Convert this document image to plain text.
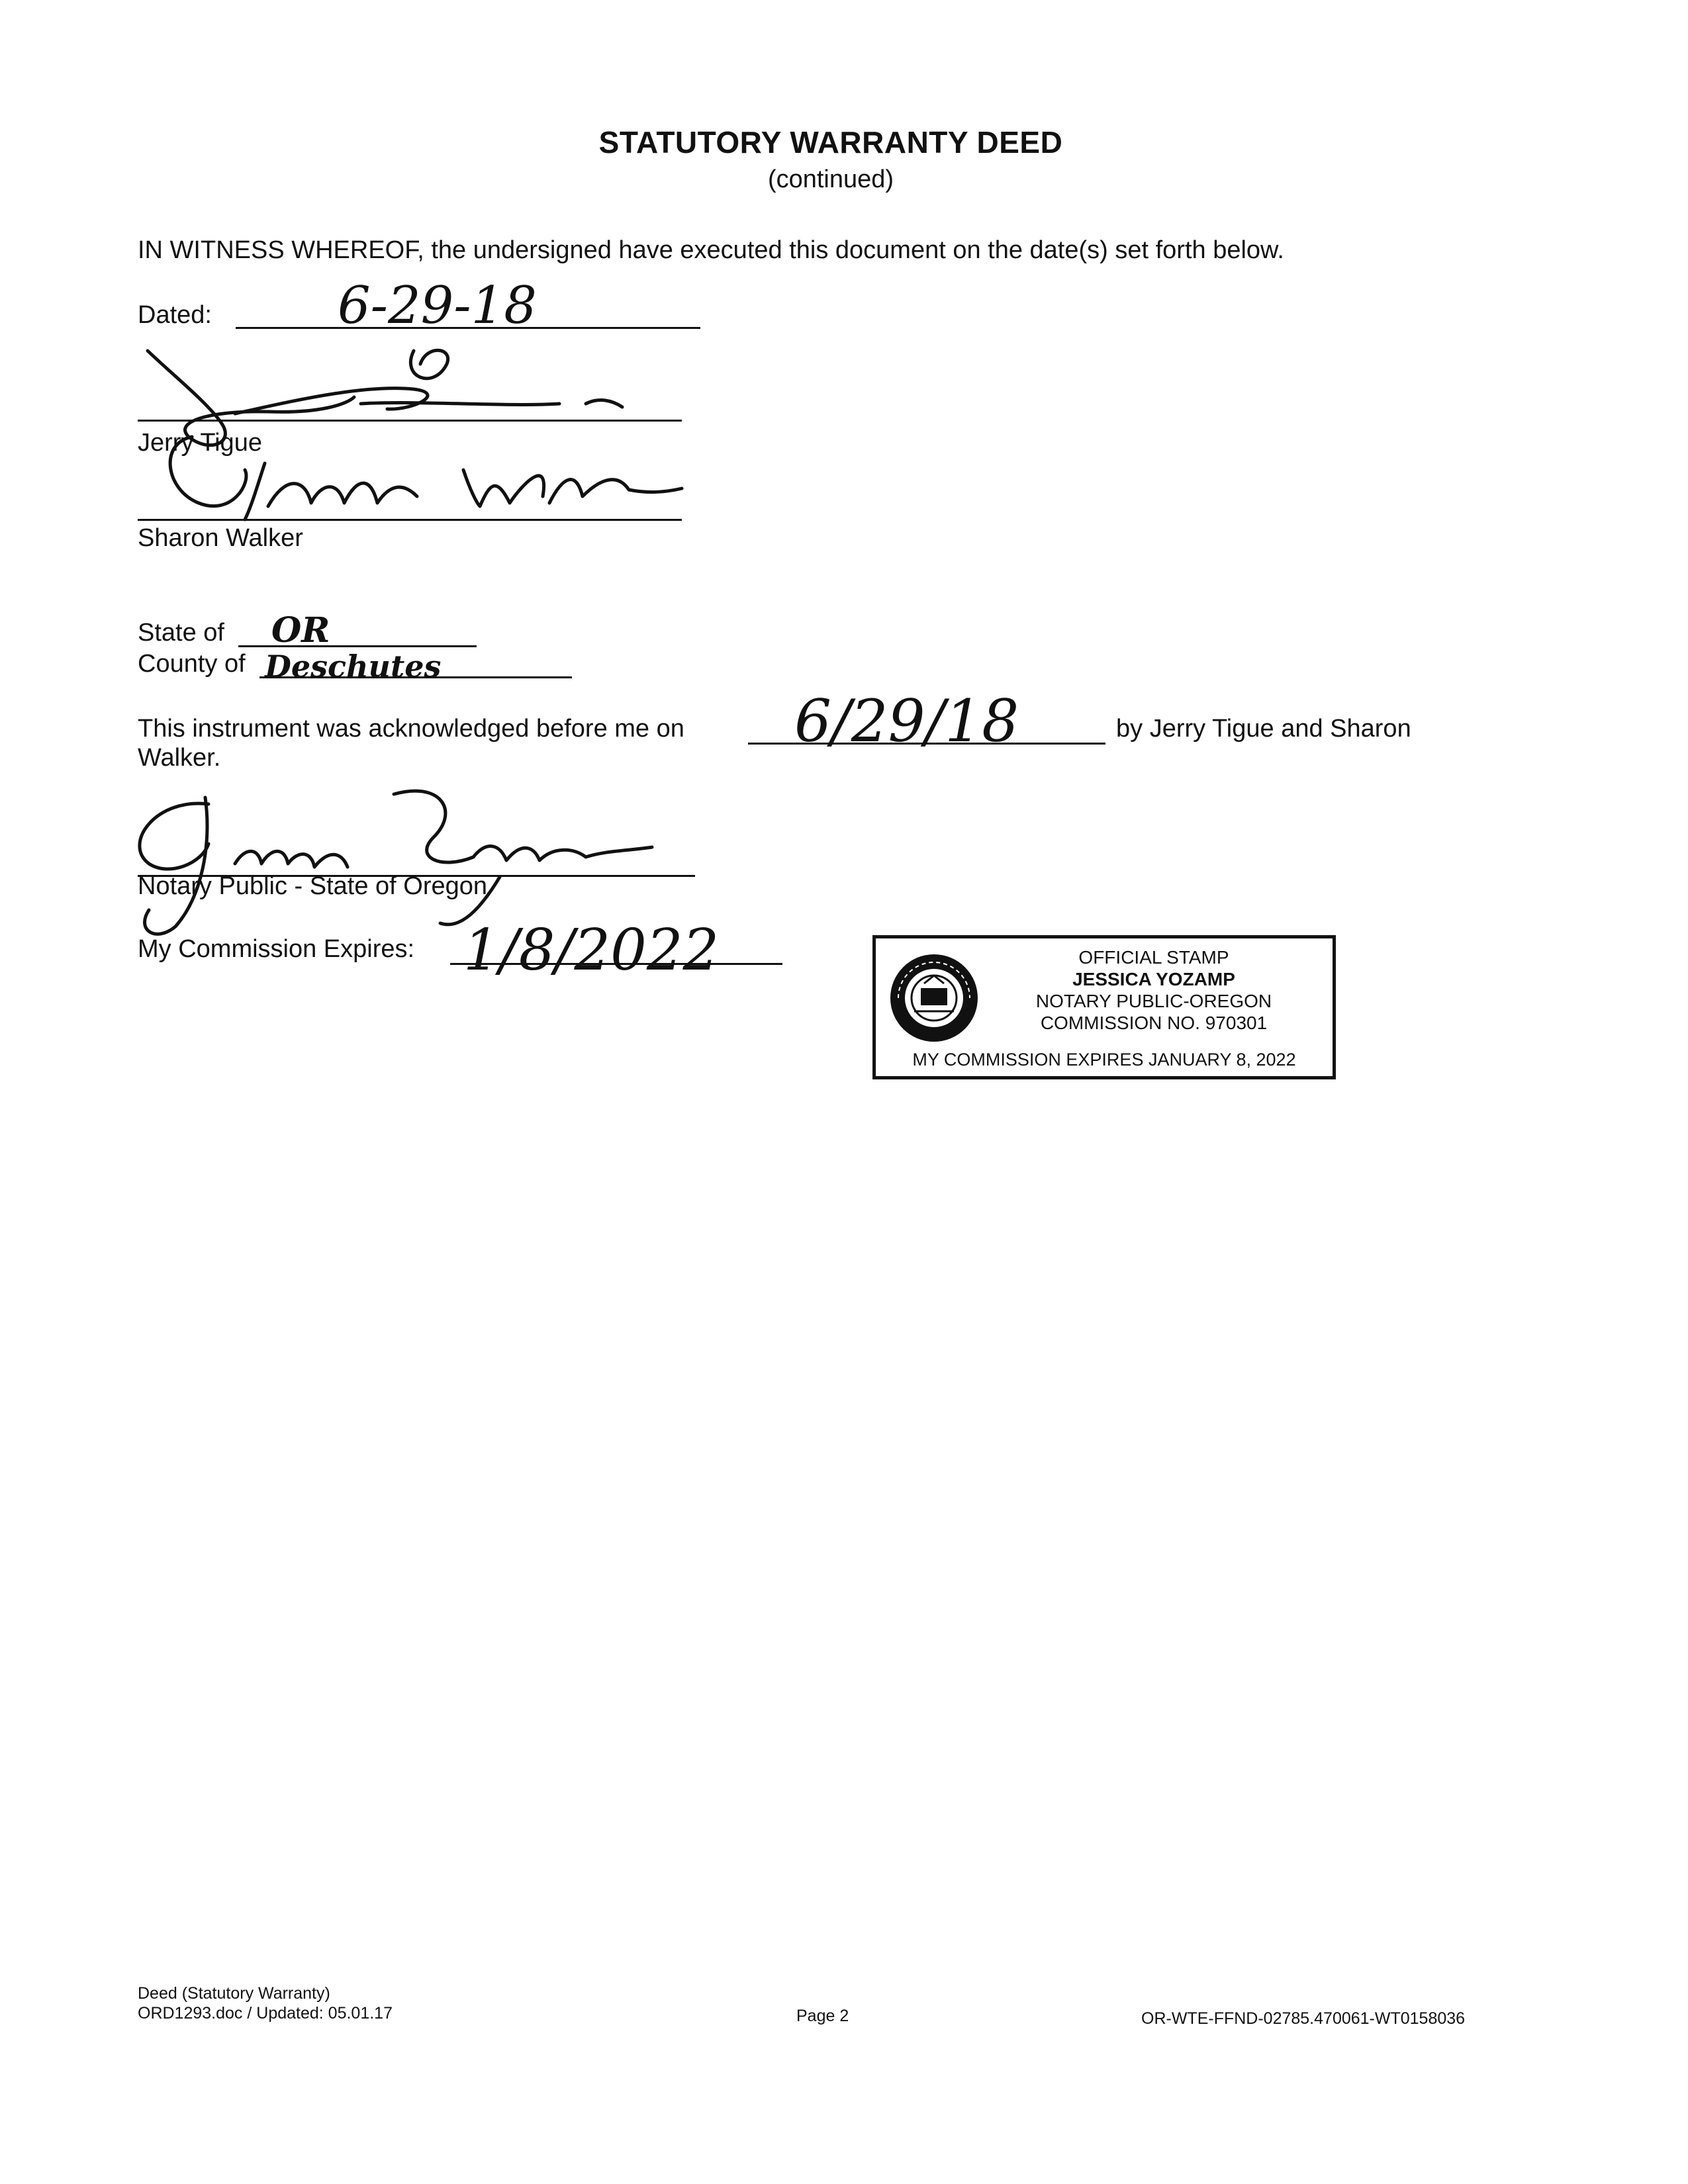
STATUTORY WARRANTY DEED
(continued)
IN WITNESS WHEREOF, the undersigned have executed this document on the date(s) set forth below.
Dated: 6-29-18
Jerry Tigue
Sharon Walker
State of OR
County of Deschutes
This instrument was acknowledged before me on 6/29/18	by Jerry Tigue and Sharon
Walker.
Notary Public - State of Oregon
My Commission Expires: 1/8/2022	OFFICIAL STAMP
JESSICA YOZAMP
NOTARY PUBLIC-OREGON
COMMISSION NO. 970301
MY COMMISSION EXPIRES JANUARY 8, 2022
Deed (Statutory Warranty)
ORD1293.doc / Updated: 05.01.17	Page 2	OR-WTE-FFND-02785.470061-WT0158036
